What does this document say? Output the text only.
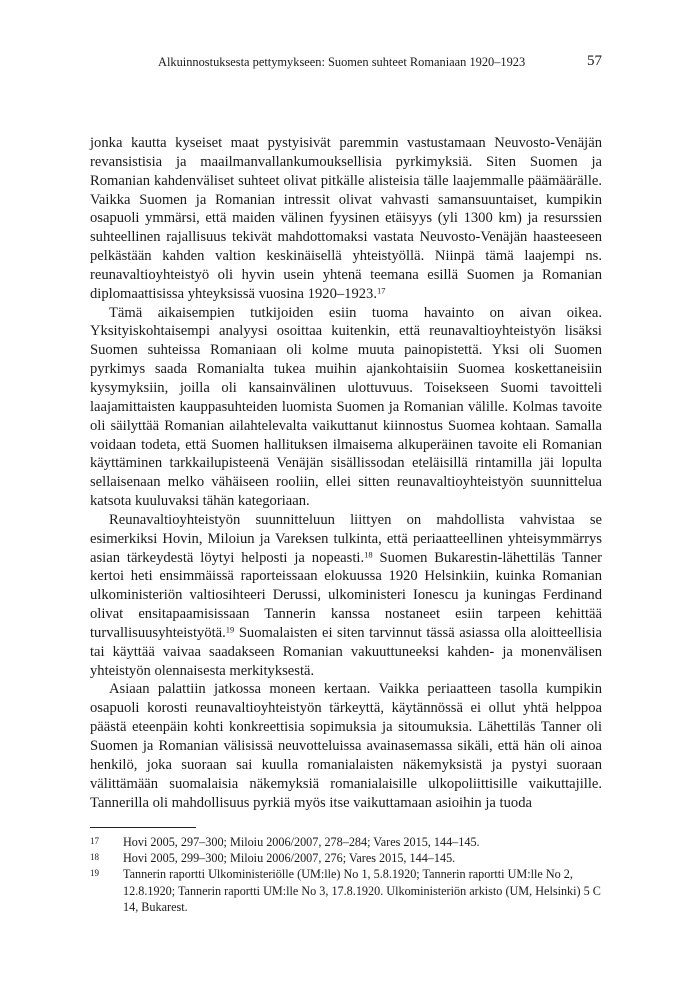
Alkuinnostuksesta pettymykseen: Suomen suhteet Romaniaan 1920–1923	57

jonka kautta kyseiset maat pystyisivät paremmin vastustamaan Neuvosto-Venäjän revansistisia ja maailmanvallankumouksellisia pyrkimyksiä. Siten Suomen ja Romanian kahdenväliset suhteet olivat pitkälle alisteisia tälle laajemmalle päämäärälle. Vaikka Suomen ja Romanian intressit olivat vahvasti samansuuntaiset, kumpikin osapuoli ymmärsi, että maiden välinen fyysinen etäisyys (yli 1300 km) ja resurssien suhteellinen rajallisuus tekivät mahdottomaksi vastata Neuvosto-Venäjän haasteeseen pelkästään kahden valtion keskinäisellä yhteistyöllä. Niinpä tämä laajempi ns. reunavaltioyhteistyö oli hyvin usein yhtenä teemana esillä Suomen ja Romanian diplomaattisissa yhteyksissä vuosina 1920–1923.17

Tämä aikaisempien tutkijoiden esiin tuoma havainto on aivan oikea. Yksityiskohtaisempi analyysi osoittaa kuitenkin, että reunavaltioyhteistyön lisäksi Suomen suhteissa Romaniaan oli kolme muuta painopistettä. Yksi oli Suomen pyrkimys saada Romanialta tukea muihin ajankohtaisiin Suomea koskettaneisiin kysymyksiin, joilla oli kansainvälinen ulottuvuus. Toisekseen Suomi tavoitteli laajamittaisten kauppasuhteiden luomista Suomen ja Romanian välille. Kolmas tavoite oli säilyttää Romanian ailahtelevalta vaikuttanut kiinnostus Suomea kohtaan. Samalla voidaan todeta, että Suomen hallituksen ilmaisema alkuperäinen tavoite eli Romanian käyttäminen tarkkailupisteenä Venäjän sisällissodan eteläisillä rintamilla jäi lopulta sellaisenaan melko vähäiseen rooliin, ellei sitten reunavaltioyhteistyön suunnittelua katsota kuuluvaksi tähän kategoriaan.

Reunavaltioyhteistyön suunnitteluun liittyen on mahdollista vahvistaa se esimerkiksi Hovin, Miloiun ja Vareksen tulkinta, että periaatteellinen yhteisymmärrys asian tärkeydestä löytyi helposti ja nopeasti.$^{18}$ Suomen Bukarestin-lähettiläs Tanner kertoi heti ensimmäissä raporteissaan elokuussa 1920 Helsinkiin, kuinka Romanian ulkoministeriön valtiosihteeri Derussi, ulkoministeri Ionescu ja kuningas Ferdinand olivat ensitapaamisissaan Tannerin kanssa nostaneet esiin tarpeen kehittää turvallisuusyhteistyötä.$^{19}$ Suomalaisten ei siten tarvinnut tässä asiassa olla aloitteellisia tai käyttää vaivaa saadakseen Romanian vakuuttuneeksi kahden- ja monenvälisen yhteistyön olennaisesta merkityksestä.

Asiaan palattiin jatkossa moneen kertaan. Vaikka periaatteen tasolla kumpikin osapuoli korosti reunavaltioyhteistyön tärkeyttä, käytännössä ei ollut yhtä helppoa päästä eteenpäin kohti konkreettisia sopimuksia ja sitoumuksia. Lähettiläs Tanner oli Suomen ja Romanian välisissä neuvotteluissa avainasemassa sikäli, että hän oli ainoa henkilö, joka suoraan sai kuulla romanialaisten näkemyksistä ja pystyi suoraan välittämään suomalaisia näkemyksiä romanialaisille ulkopoliittisille vaikuttajille. Tannerilla oli mahdollisuus pyrkiä myös itse vaikuttamaan asioihin ja tuoda

17 Hovi 2005, 297–300; Miloiu 2006/2007, 278–284; Vares 2015, 144–145.
18 Hovi 2005, 299–300; Miloiu 2006/2007, 276; Vares 2015, 144–145.
19 Tannerin raportti Ulkoministeriölle (UM:lle) No 1, 5.8.1920; Tannerin raportti UM:lle No 2, 12.8.1920; Tannerin raportti UM:lle No 3, 17.8.1920. Ulkoministeriön arkisto (UM, Helsinki) 5 C 14, Bukarest.
